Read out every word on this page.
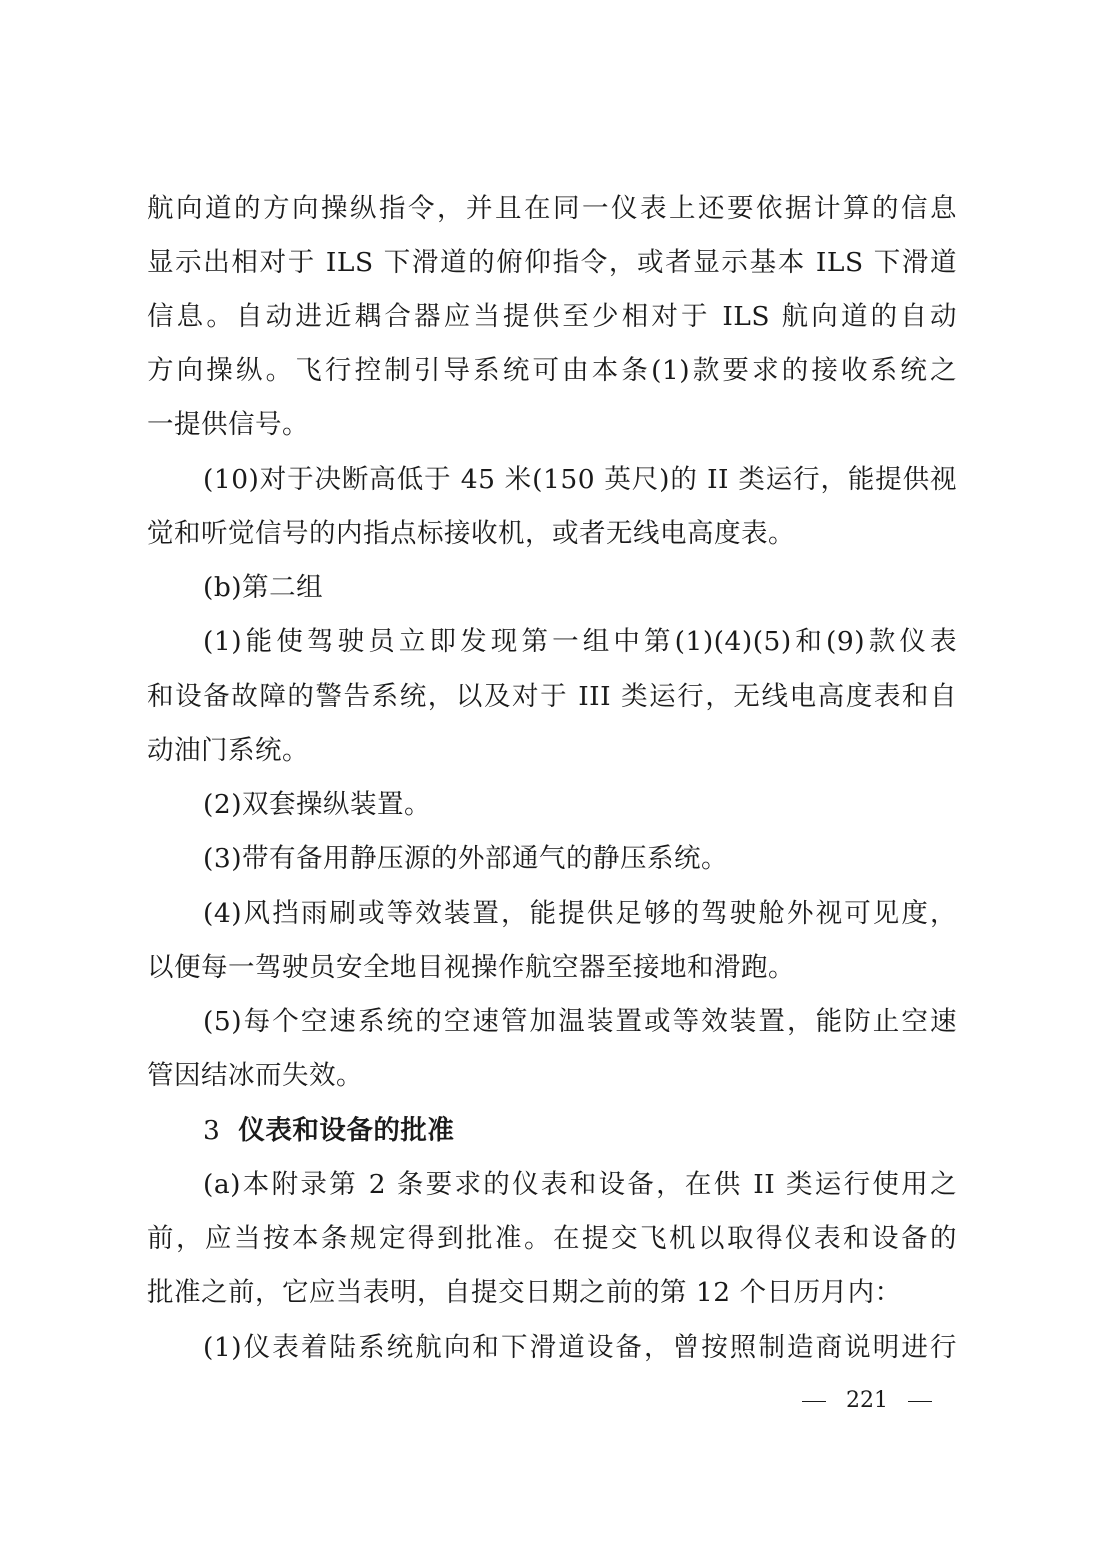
航向道的方向操纵指令，并且在同一仪表上还要依据计算的信息
显示出相对于 ILS 下滑道的俯仰指令，或者显示基本 ILS 下滑道
信息。自动进近耦合器应当提供至少相对于 ILS 航向道的自动
方向操纵。飞行控制引导系统可由本条(1)款要求的接收系统之
一提供信号。
(10)对于决断高低于 45 米(150 英尺)的 II 类运行，能提供视
觉和听觉信号的内指点标接收机，或者无线电高度表。
(b)第二组
(1)能使驾驶员立即发现第一组中第(1)(4)(5)和(9)款仪表
和设备故障的警告系统，以及对于 III 类运行，无线电高度表和自
动油门系统。
(2)双套操纵装置。
(3)带有备用静压源的外部通气的静压系统。
(4)风挡雨刷或等效装置，能提供足够的驾驶舱外视可见度，
以便每一驾驶员安全地目视操作航空器至接地和滑跑。
(5)每个空速系统的空速管加温装置或等效装置，能防止空速
管因结冰而失效。
3 仪表和设备的批准
(a)本附录第 2 条要求的仪表和设备，在供 II 类运行使用之
前，应当按本条规定得到批准。在提交飞机以取得仪表和设备的
批准之前，它应当表明，自提交日期之前的第 12 个日历月内：
(1)仪表着陆系统航向和下滑道设备，曾按照制造商说明进行
221
